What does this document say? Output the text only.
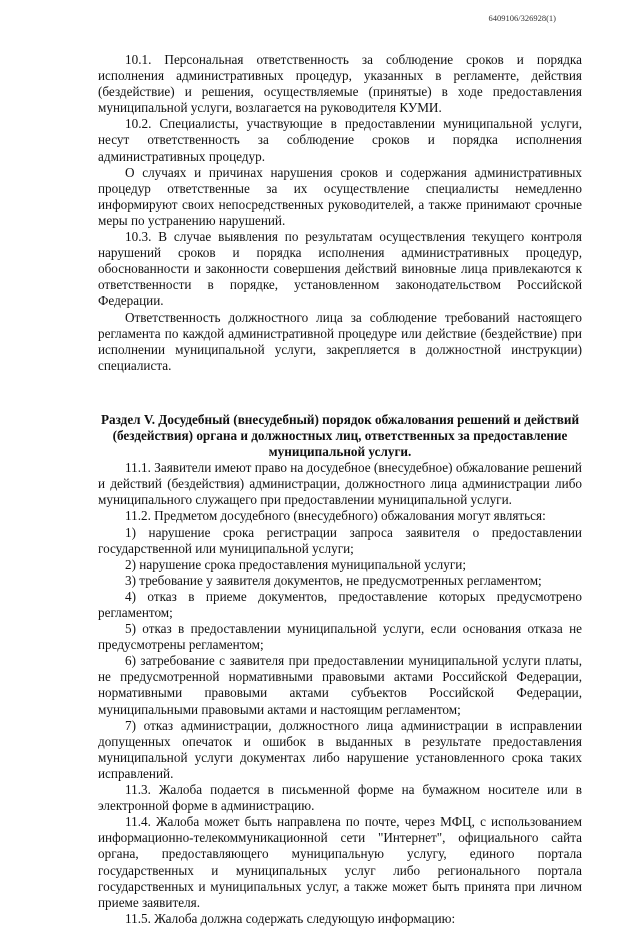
6409106/326928(1)

10.1. Персональная ответственность за соблюдение сроков и порядка исполнения административных процедур, указанных в регламенте, действия (бездействие) и решения, осуществляемые (принятые) в ходе предоставления муниципальной услуги, возлагается на руководителя КУМИ.

10.2. Специалисты, участвующие в предоставлении муниципальной услуги, несут ответственность за соблюдение сроков и порядка исполнения административных процедур.

О случаях и причинах нарушения сроков и содержания административных процедур ответственные за их осуществление специалисты немедленно информируют своих непосредственных руководителей, а также принимают срочные меры по устранению нарушений.

10.3. В случае выявления по результатам осуществления текущего контроля нарушений сроков и порядка исполнения административных процедур, обоснованности и законности совершения действий виновные лица привлекаются к ответственности в порядке, установленном законодательством Российской Федерации.

Ответственность должностного лица за соблюдение требований настоящего регламента по каждой административной процедуре или действие (бездействие) при исполнении муниципальной услуги, закрепляется в должностной инструкции) специалиста.

Раздел V. Досудебный (внесудебный) порядок обжалования решений и действий (бездействия) органа и должностных лиц, ответственных за предоставление муниципальной услуги.

11.1. Заявители имеют право на досудебное (внесудебное) обжалование решений и действий (бездействия) администрации, должностного лица администрации либо муниципального служащего при предоставлении муниципальной услуги.

11.2. Предметом досудебного (внесудебного) обжалования могут являться:

1) нарушение срока регистрации запроса заявителя о предоставлении государственной или муниципальной услуги;

2) нарушение срока предоставления муниципальной услуги;

3) требование у заявителя документов, не предусмотренных регламентом;

4) отказ в приеме документов, предоставление которых предусмотрено регламентом;

5) отказ в предоставлении муниципальной услуги, если основания отказа не предусмотрены регламентом;

6) затребование с заявителя при предоставлении муниципальной услуги платы, не предусмотренной нормативными правовыми актами Российской Федерации, нормативными правовыми актами субъектов Российской Федерации, муниципальными правовыми актами и настоящим регламентом;

7) отказ администрации, должностного лица администрации в исправлении допущенных опечаток и ошибок в выданных в результате предоставления муниципальной услуги документах либо нарушение установленного срока таких исправлений.

11.3. Жалоба подается в письменной форме на бумажном носителе или в электронной форме в администрацию.

11.4. Жалоба может быть направлена по почте, через МФЦ, с использованием информационно-телекоммуникационной сети "Интернет", официального сайта органа, предоставляющего муниципальную услугу, единого портала государственных и муниципальных услуг либо регионального портала государственных и муниципальных услуг, а также может быть принята при личном приеме заявителя.

11.5. Жалоба должна содержать следующую информацию:
